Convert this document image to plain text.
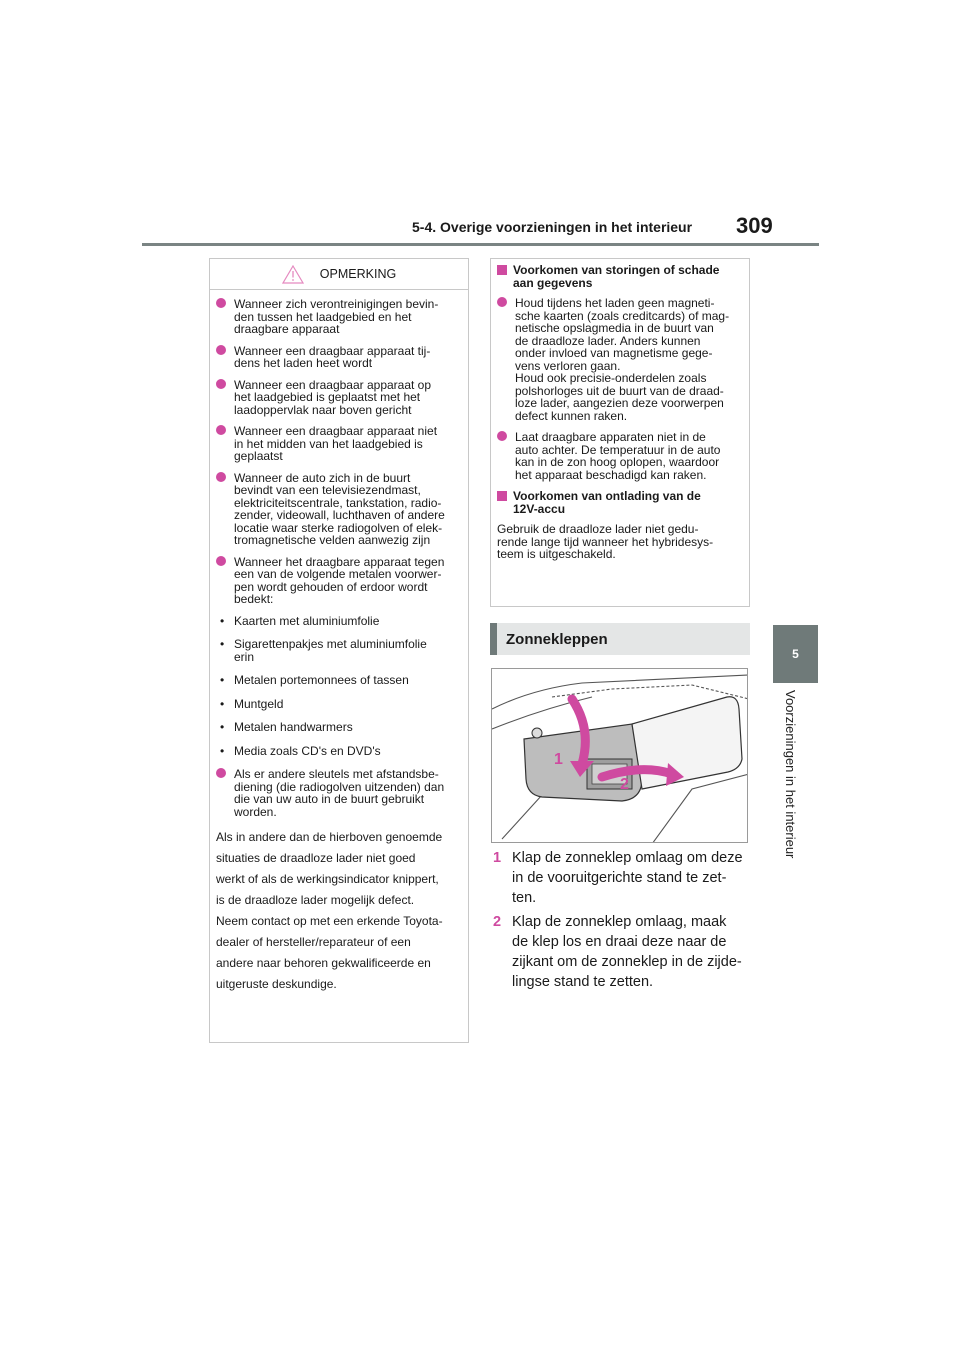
5-4. Overige voorzieningen in het interieur 309
5
Voorzieningen in het interieur
OPMERKING
Wanneer zich verontreinigingen bevin-
den tussen het laadgebied en het
draagbare apparaat
Wanneer een draagbaar apparaat tij-
dens het laden heet wordt
Wanneer een draagbaar apparaat op
het laadgebied is geplaatst met het
laadoppervlak naar boven gericht
Wanneer een draagbaar apparaat niet
in het midden van het laadgebied is
geplaatst
Wanneer de auto zich in de buurt
bevindt van een televisiezendmast,
elektriciteitscentrale, tankstation, radio-
zender, videowall, luchthaven of andere
locatie waar sterke radiogolven of elek-
tromagnetische velden aanwezig zijn
Wanneer het draagbare apparaat tegen
een van de volgende metalen voorwer-
pen wordt gehouden of erdoor wordt
bedekt:
• Kaarten met aluminiumfolie
• Sigarettenpakjes met aluminiumfolie
erin
• Metalen portemonnees of tassen
• Muntgeld
• Metalen handwarmers
• Media zoals CD's en DVD's
Als er andere sleutels met afstandsbe-
diening (die radiogolven uitzenden) dan
die van uw auto in de buurt gebruikt
worden.
Als in andere dan de hierboven genoemde
situaties de draadloze lader niet goed
werkt of als de werkingsindicator knippert,
is de draadloze lader mogelijk defect.
Neem contact op met een erkende Toyota-
dealer of hersteller/reparateur of een
andere naar behoren gekwalificeerde en
uitgeruste deskundige.
Voorkomen van storingen of schade
aan gegevens
Houd tijdens het laden geen magneti-
sche kaarten (zoals creditcards) of mag-
netische opslagmedia in de buurt van
de draadloze lader. Anders kunnen
onder invloed van magnetisme gege-
vens verloren gaan.
Houd ook precisie-onderdelen zoals
polshorloges uit de buurt van de draad-
loze lader, aangezien deze voorwerpen
defect kunnen raken.
Laat draagbare apparaten niet in de
auto achter. De temperatuur in de auto
kan in de zon hoog oplopen, waardoor
het apparaat beschadigd kan raken.
Voorkomen van ontlading van de
12V-accu
Gebruik de draadloze lader niet gedu-
rende lange tijd wanneer het hybridesys-
teem is uitgeschakeld.
Zonnekleppen
1
2
1 Klap de zonneklep omlaag om deze
in de vooruitgerichte stand te zet-
ten.
2 Klap de zonneklep omlaag, maak
de klep los en draai deze naar de
zijkant om de zonneklep in de zijde-
lingse stand te zetten.
